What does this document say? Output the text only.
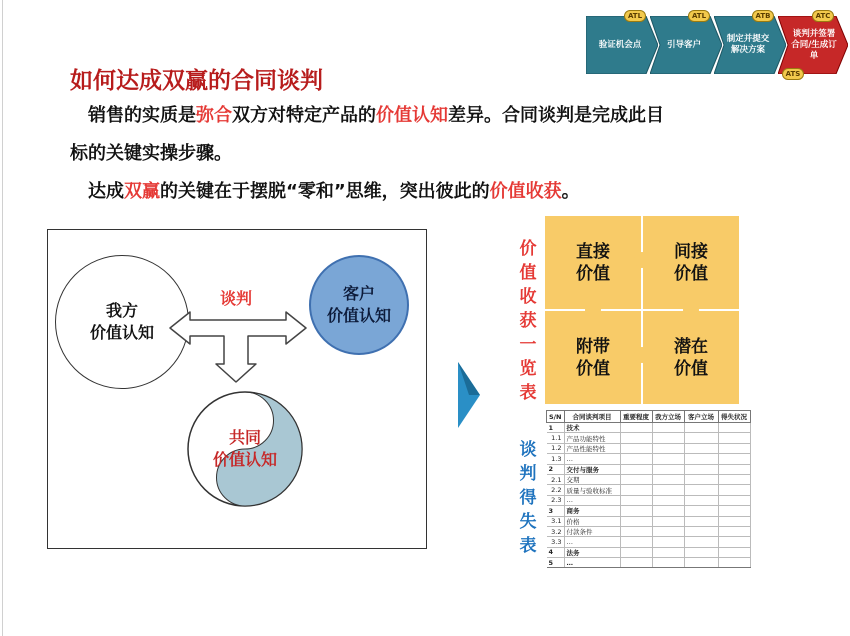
验证机会点
ATL
引导客户
ATL
制定并提交解决方案
ATB
谈判并签署合同/生成订单
ATC
ATS
如何达成双赢的合同谈判
销售的实质是弥合双方对特定产品的价值认知差异。合同谈判是完成此目
标的关键实操步骤。
达成双赢的关键在于摆脱“零和”思维，突出彼此的价值收获。
我方
价值认知
客户
价值认知
谈判
共同
价值认知
价
值
收
获
一
览
表
谈
判
得
失
表
直接
价值
间接
价值
附带
价值
潜在
价值
S/N	合同谈判项目	重要程度	我方立场	客户立场	得失状况
1	技术				
1.1	产品功能特性				
1.2	产品性能特性				
1.3	…				
2	交付与服务				
2.1	交期				
2.2	质量与验收标准				
2.3	…				
3	商务				
3.1	价格				
3.2	付款条件				
3.3	…				
4	法务				
5	…				
